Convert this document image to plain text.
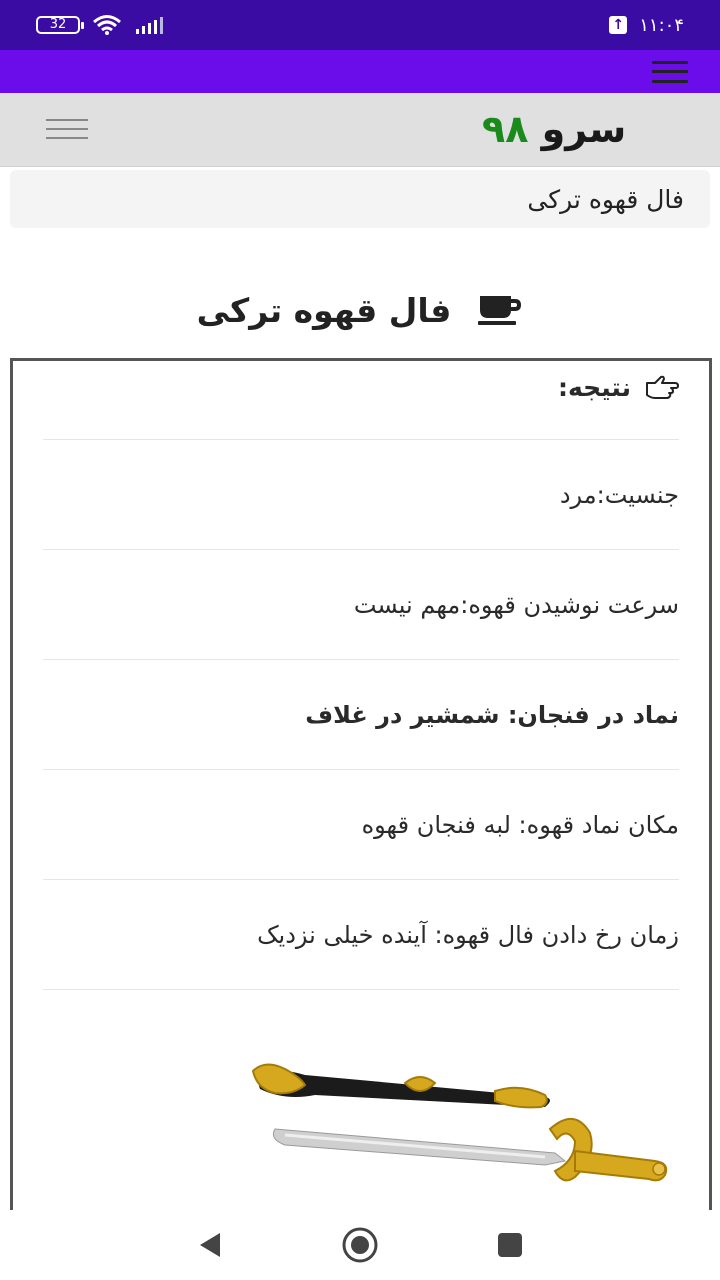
32	↑ ۱۱:۰۴
سرو ۹۸
فال قهوه ترکی
فال قهوه ترکی
نتیجه:
جنسیت:مرد
سرعت نوشیدن قهوه:مهم نیست
نماد در فنجان: شمشیر در غلاف
مکان نماد قهوه: لبه فنجان قهوه
زمان رخ دادن فال قهوه: آینده خیلی نزدیک
